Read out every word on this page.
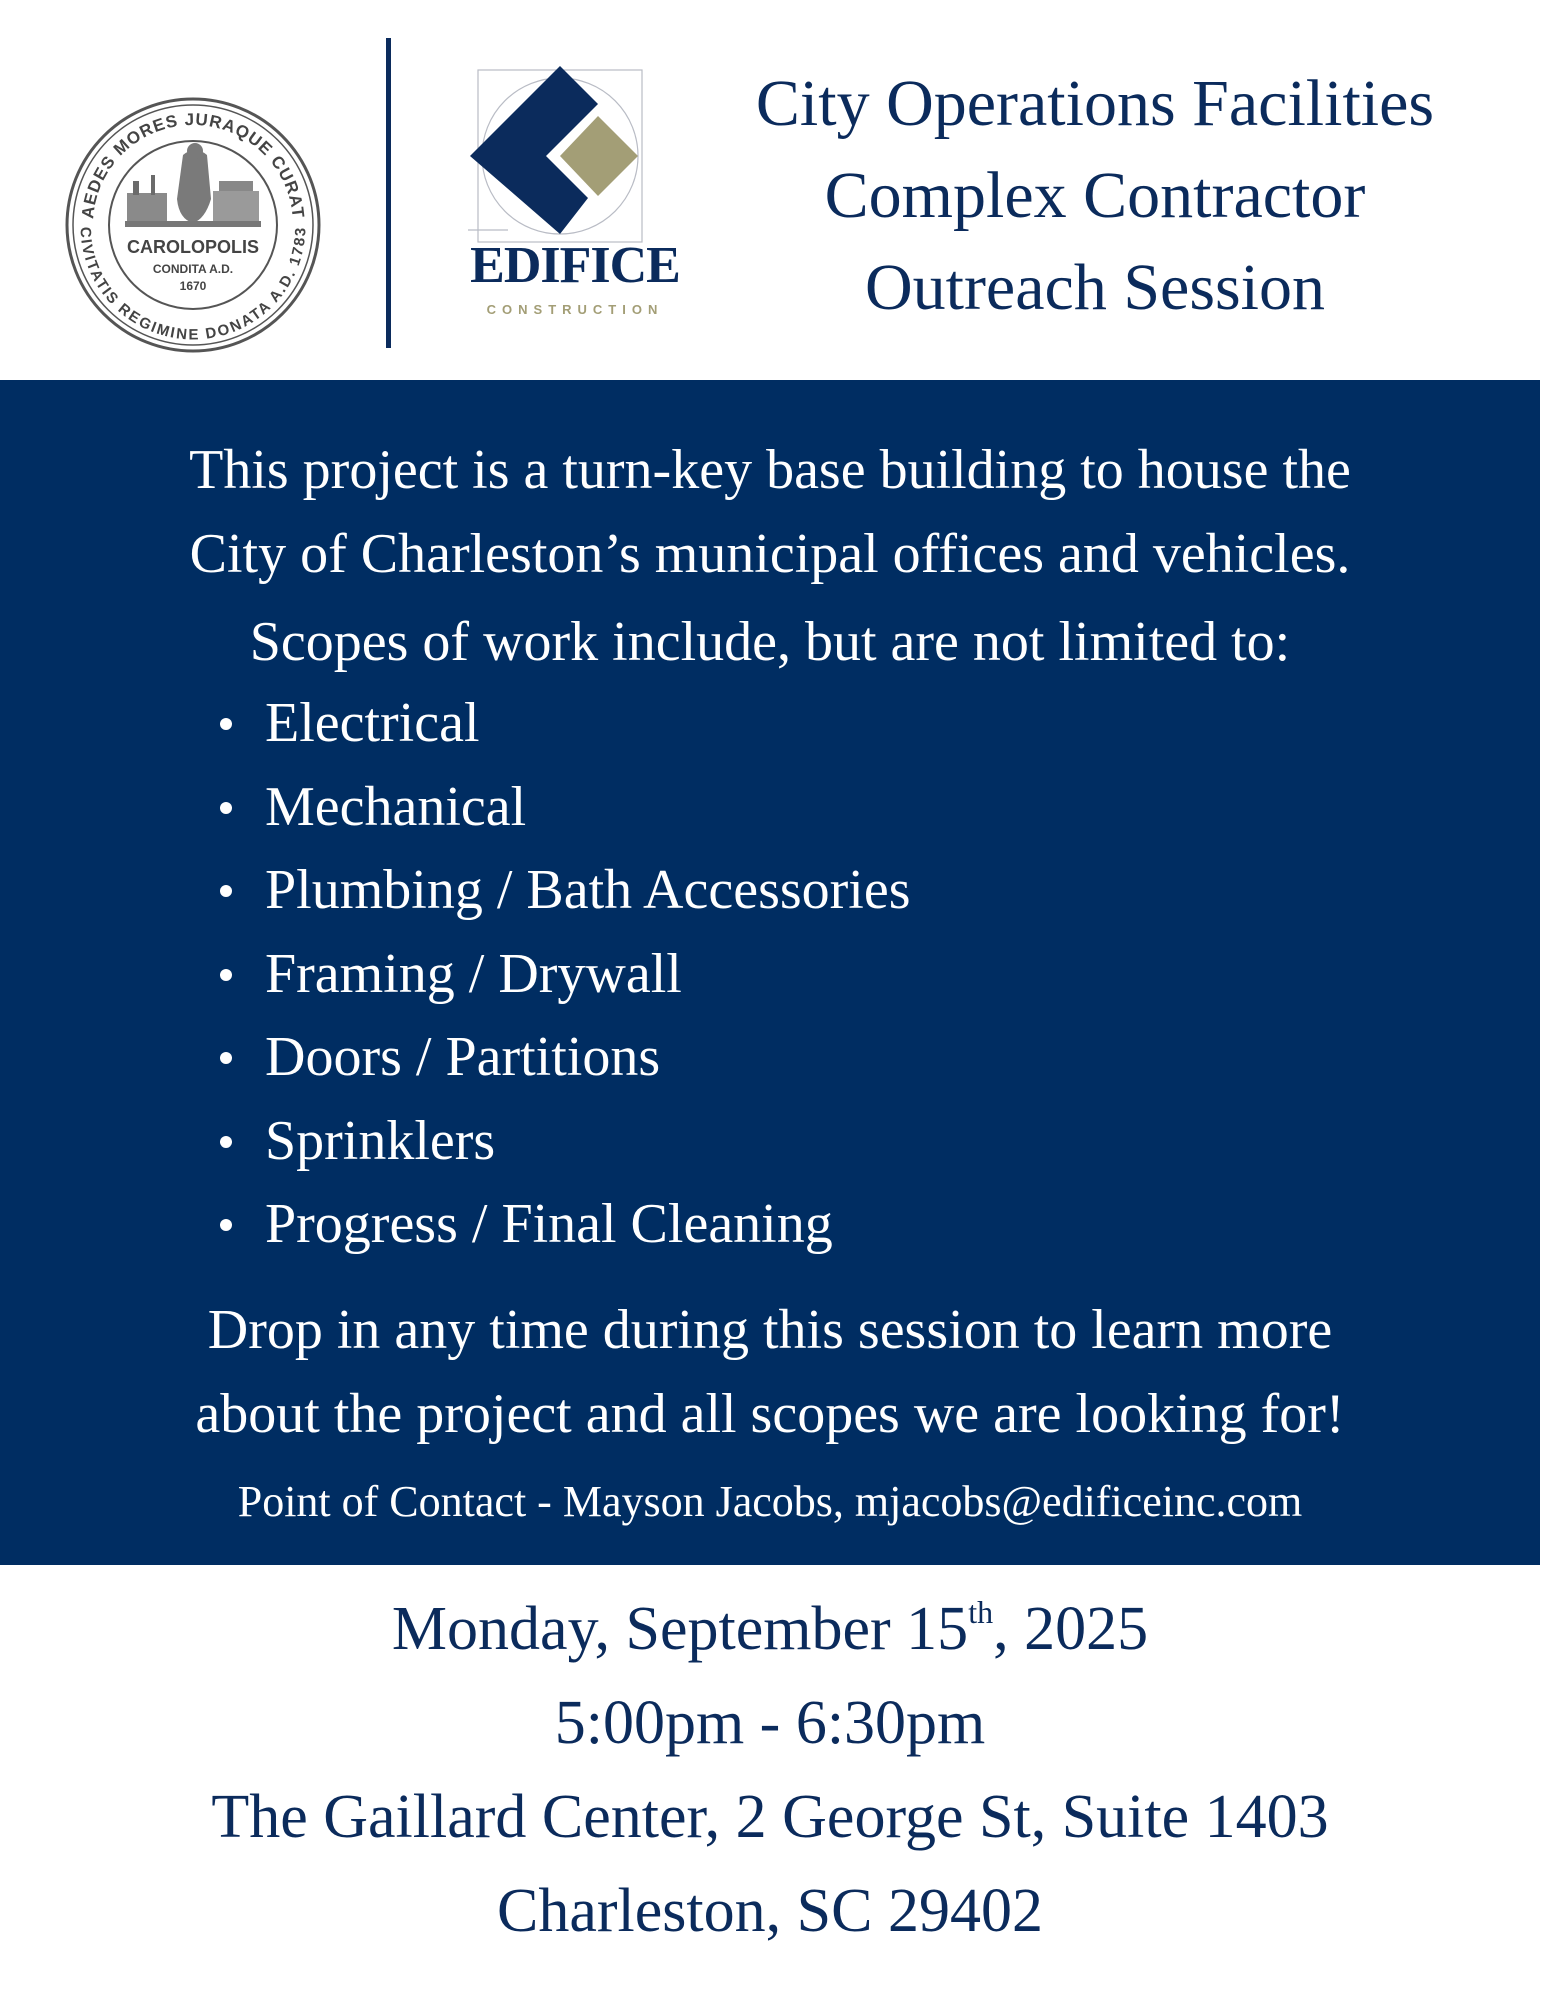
AEDES MORES JURAQUE CURAT
CIVITATIS REGIMINE DONATA A.D. 1783
CAROLOPOLIS
CONDITA A.D.
1670	EDIFICE
CONSTRUCTION
City Operations Facilities
Complex Contractor
Outreach Session
This project is a turn-key base building to house the
City of Charleston’s municipal offices and vehicles.
Scopes of work include, but are not limited to:
Electrical
Mechanical
Plumbing / Bath Accessories
Framing / Drywall
Doors / Partitions
Sprinklers
Progress / Final Cleaning
Drop in any time during this session to learn more
about the project and all scopes we are looking for!
Point of Contact - Mayson Jacobs, mjacobs@edificeinc.com
Monday, September 15th, 2025
5:00pm - 6:30pm
The Gaillard Center, 2 George St, Suite 1403
Charleston, SC 29402
